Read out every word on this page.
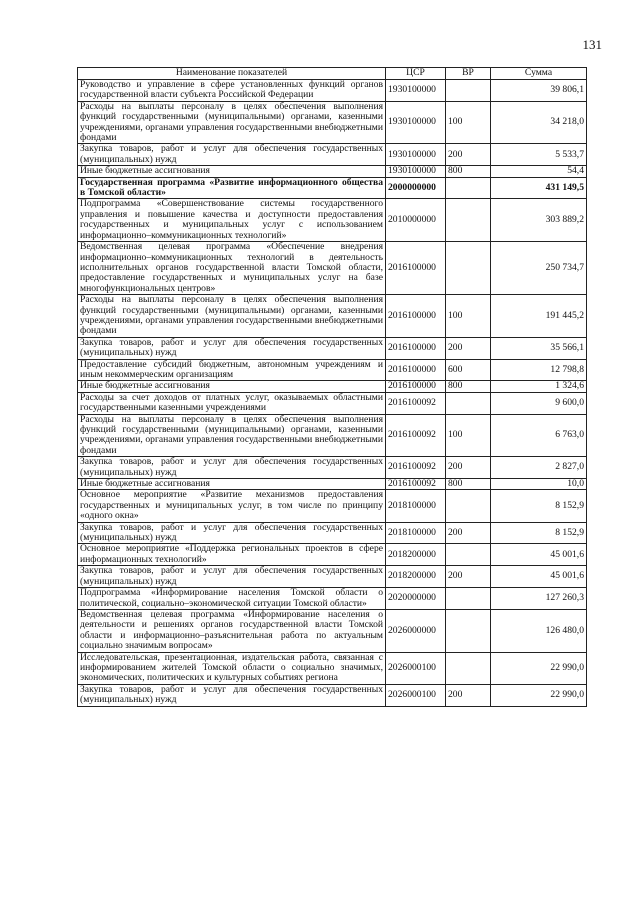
131
Наименование показателей	ЦСР	ВР	Сумма
Руководство и управление в сфере установленных функций органов государственной власти субъекта Российской Федерации	1930100000		39 806,1
Расходы на выплаты персоналу в целях обеспечения выполнения функций государственными (муниципальными) органами, казенными учреждениями, органами управления государственными внебюджетными фондами	1930100000	100	34 218,0
Закупка товаров, работ и услуг для обеспечения государственных (муниципальных) нужд	1930100000	200	5 533,7
Иные бюджетные ассигнования	1930100000	800	54,4
Государственная программа «Развитие информационного общества в Томской области»	2000000000		431 149,5
Подпрограмма «Совершенствование системы государственного управления и повышение качества и доступности предоставления государственных и муниципальных услуг с использованием информационно–коммуникационных технологий»	2010000000		303 889,2
Ведомственная целевая программа «Обеспечение внедрения информационно–коммуникационных технологий в деятельность исполнительных органов государственной власти Томской области, предоставление государственных и муниципальных услуг на базе многофункциональных центров»	2016100000		250 734,7
Расходы на выплаты персоналу в целях обеспечения выполнения функций государственными (муниципальными) органами, казенными учреждениями, органами управления государственными внебюджетными фондами	2016100000	100	191 445,2
Закупка товаров, работ и услуг для обеспечения государственных (муниципальных) нужд	2016100000	200	35 566,1
Предоставление субсидий бюджетным, автономным учреждениям и иным некоммерческим организациям	2016100000	600	12 798,8
Иные бюджетные ассигнования	2016100000	800	1 324,6
Расходы за счет доходов от платных услуг, оказываемых областными государственными казенными учреждениями	2016100092		9 600,0
Расходы на выплаты персоналу в целях обеспечения выполнения функций государственными (муниципальными) органами, казенными учреждениями, органами управления государственными внебюджетными фондами	2016100092	100	6 763,0
Закупка товаров, работ и услуг для обеспечения государственных (муниципальных) нужд	2016100092	200	2 827,0
Иные бюджетные ассигнования	2016100092	800	10,0
Основное мероприятие «Развитие механизмов предоставления государственных и муниципальных услуг, в том числе по принципу «одного окна»	2018100000		8 152,9
Закупка товаров, работ и услуг для обеспечения государственных (муниципальных) нужд	2018100000	200	8 152,9
Основное мероприятие «Поддержка региональных проектов в сфере информационных технологий»	2018200000		45 001,6
Закупка товаров, работ и услуг для обеспечения государственных (муниципальных) нужд	2018200000	200	45 001,6
Подпрограмма «Информирование населения Томской области о политической, социально–экономической ситуации Томской области»	2020000000		127 260,3
Ведомственная целевая программа «Информирование населения о деятельности и решениях органов государственной власти Томской области и информационно–разъяснительная работа по актуальным социально значимым вопросам»	2026000000		126 480,0
Исследовательская, презентационная, издательская работа, связанная с информированием жителей Томской области о социально значимых, экономических, политических и культурных событиях региона	2026000100		22 990,0
Закупка товаров, работ и услуг для обеспечения государственных (муниципальных) нужд	2026000100	200	22 990,0
